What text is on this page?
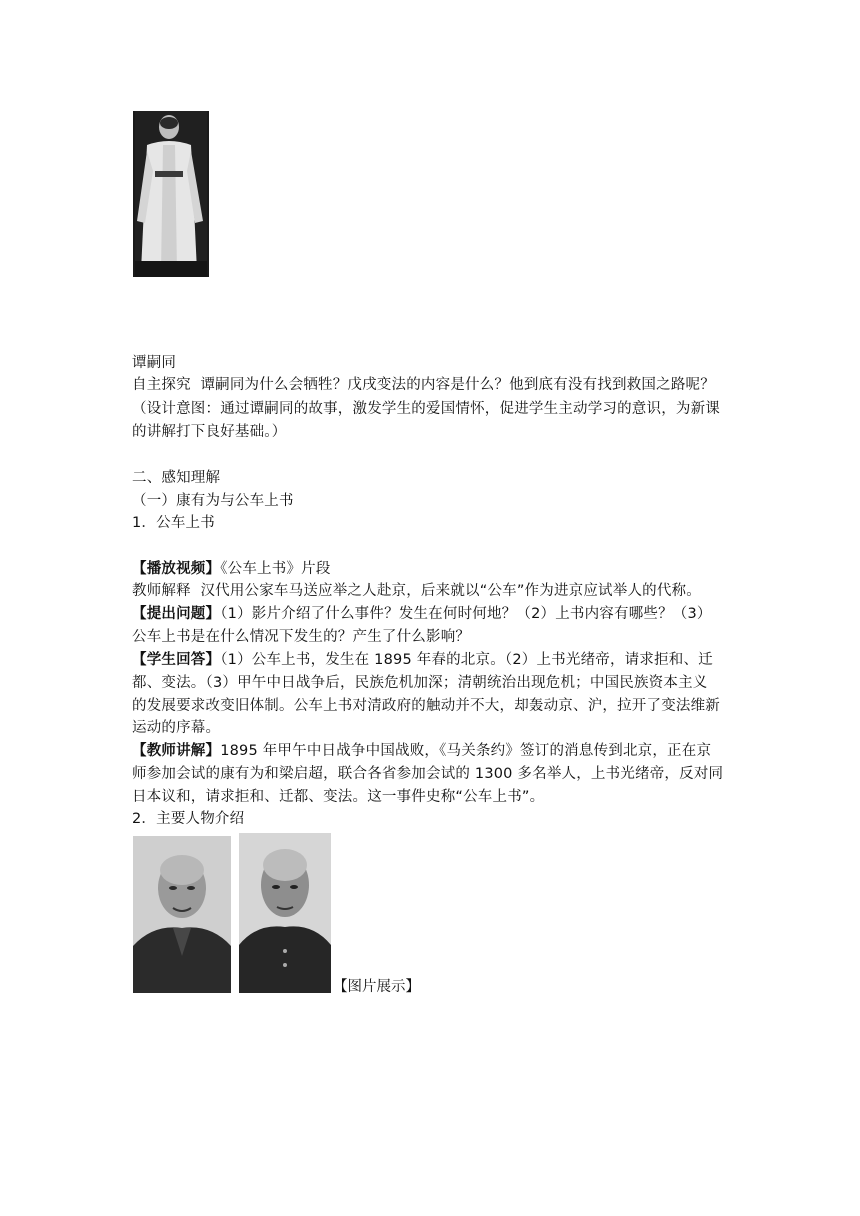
谭嗣同
自主探究 谭嗣同为什么会牺牲？戊戌变法的内容是什么？他到底有没有找到救国之路呢？
（设计意图：通过谭嗣同的故事，激发学生的爱国情怀，促进学生主动学习的意识，为新课
的讲解打下良好基础。）
二、感知理解
（一）康有为与公车上书
1．公车上书
【播放视频】《公车上书》片段
教师解释 汉代用公家车马送应举之人赴京，后来就以“公车”作为进京应试举人的代称。
【提出问题】（1）影片介绍了什么事件？发生在何时何地？（2）上书内容有哪些？（3）
公车上书是在什么情况下发生的？产生了什么影响？
【学生回答】（1）公车上书，发生在 1895 年春的北京。（2）上书光绪帝，请求拒和、迁
都、变法。（3）甲午中日战争后，民族危机加深；清朝统治出现危机；中国民族资本主义
的发展要求改变旧体制。公车上书对清政府的触动并不大，却轰动京、沪，拉开了变法维新
运动的序幕。
【教师讲解】1895 年甲午中日战争中国战败，《马关条约》签订的消息传到北京，正在京
师参加会试的康有为和梁启超，联合各省参加会试的 1300 多名举人，上书光绪帝，反对同
日本议和，请求拒和、迁都、变法。这一事件史称“公车上书”。
2．主要人物介绍
【图片展示】
